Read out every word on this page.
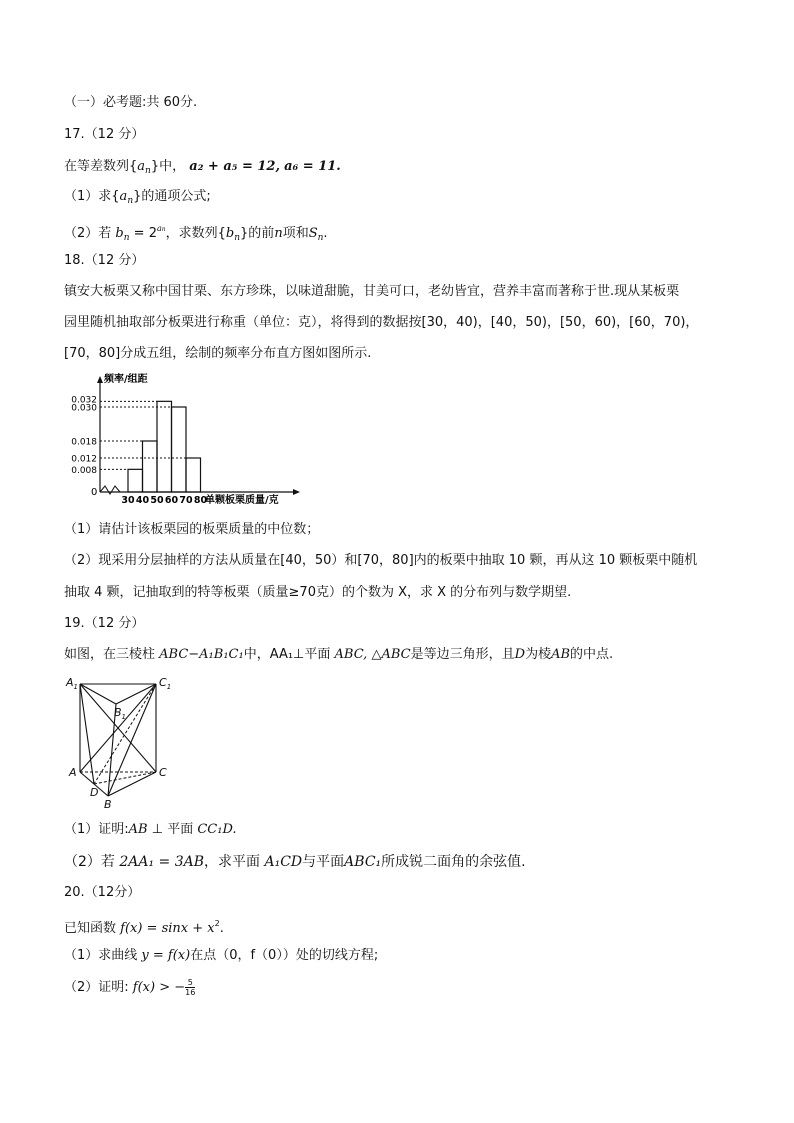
（一）必考题:共 60分.
17.（12 分）
在等差数列$\{a_n\}$中， a₂ + a₅ = 12, a₆ = 11.
（1）求$\{a_n\}$的通项公式;
（2）若 $b_n = 2^{an}$，求数列$\{b_n\}$的前n项和$S_n$.
18.（12 分）
镇安大板栗又称中国甘栗、东方珍珠，以味道甜脆，甘美可口，老幼皆宜，营养丰富而著称于世.现从某板栗
园里随机抽取部分板栗进行称重（单位：克），将得到的数据按[30，40)，[40，50)，[50，60)，[60，70)，
[70，80]分成五组，绘制的频率分布直方图如图所示.
0.032
0.030
0.018
0.012
0.008
30 40 50 60 70 80
频率/组距
单颗板栗质量/克
0
（1）请估计该板栗园的板栗质量的中位数；
（2）现采用分层抽样的方法从质量在[40，50）和[70，80]内的板栗中抽取 10 颗，再从这 10 颗板栗中随机
抽取 4 颗，记抽取到的特等板栗（质量≥70克）的个数为 X，求 X 的分布列与数学期望.
19.（12 分）
如图，在三棱柱 ABC−A₁B₁C₁中，AA₁⊥平面 ABC, △ABC是等边三角形，且D为棱AB的中点.
$A_1$	$C_1$
$B_1$
A	C
D
B
（1）证明:AB ⊥ 平面 CC₁D.
（2）若 2AA₁ = 3AB，求平面 A₁CD与平面ABC₁所成锐二面角的余弦值.
20.（12分）
已知函数 $f(x) = \sin x + x^2$.
（1）求曲线 y = f(x)在点（0，f（0））处的切线方程;
（2）证明: f(x) > − $\frac{5}{16}$
